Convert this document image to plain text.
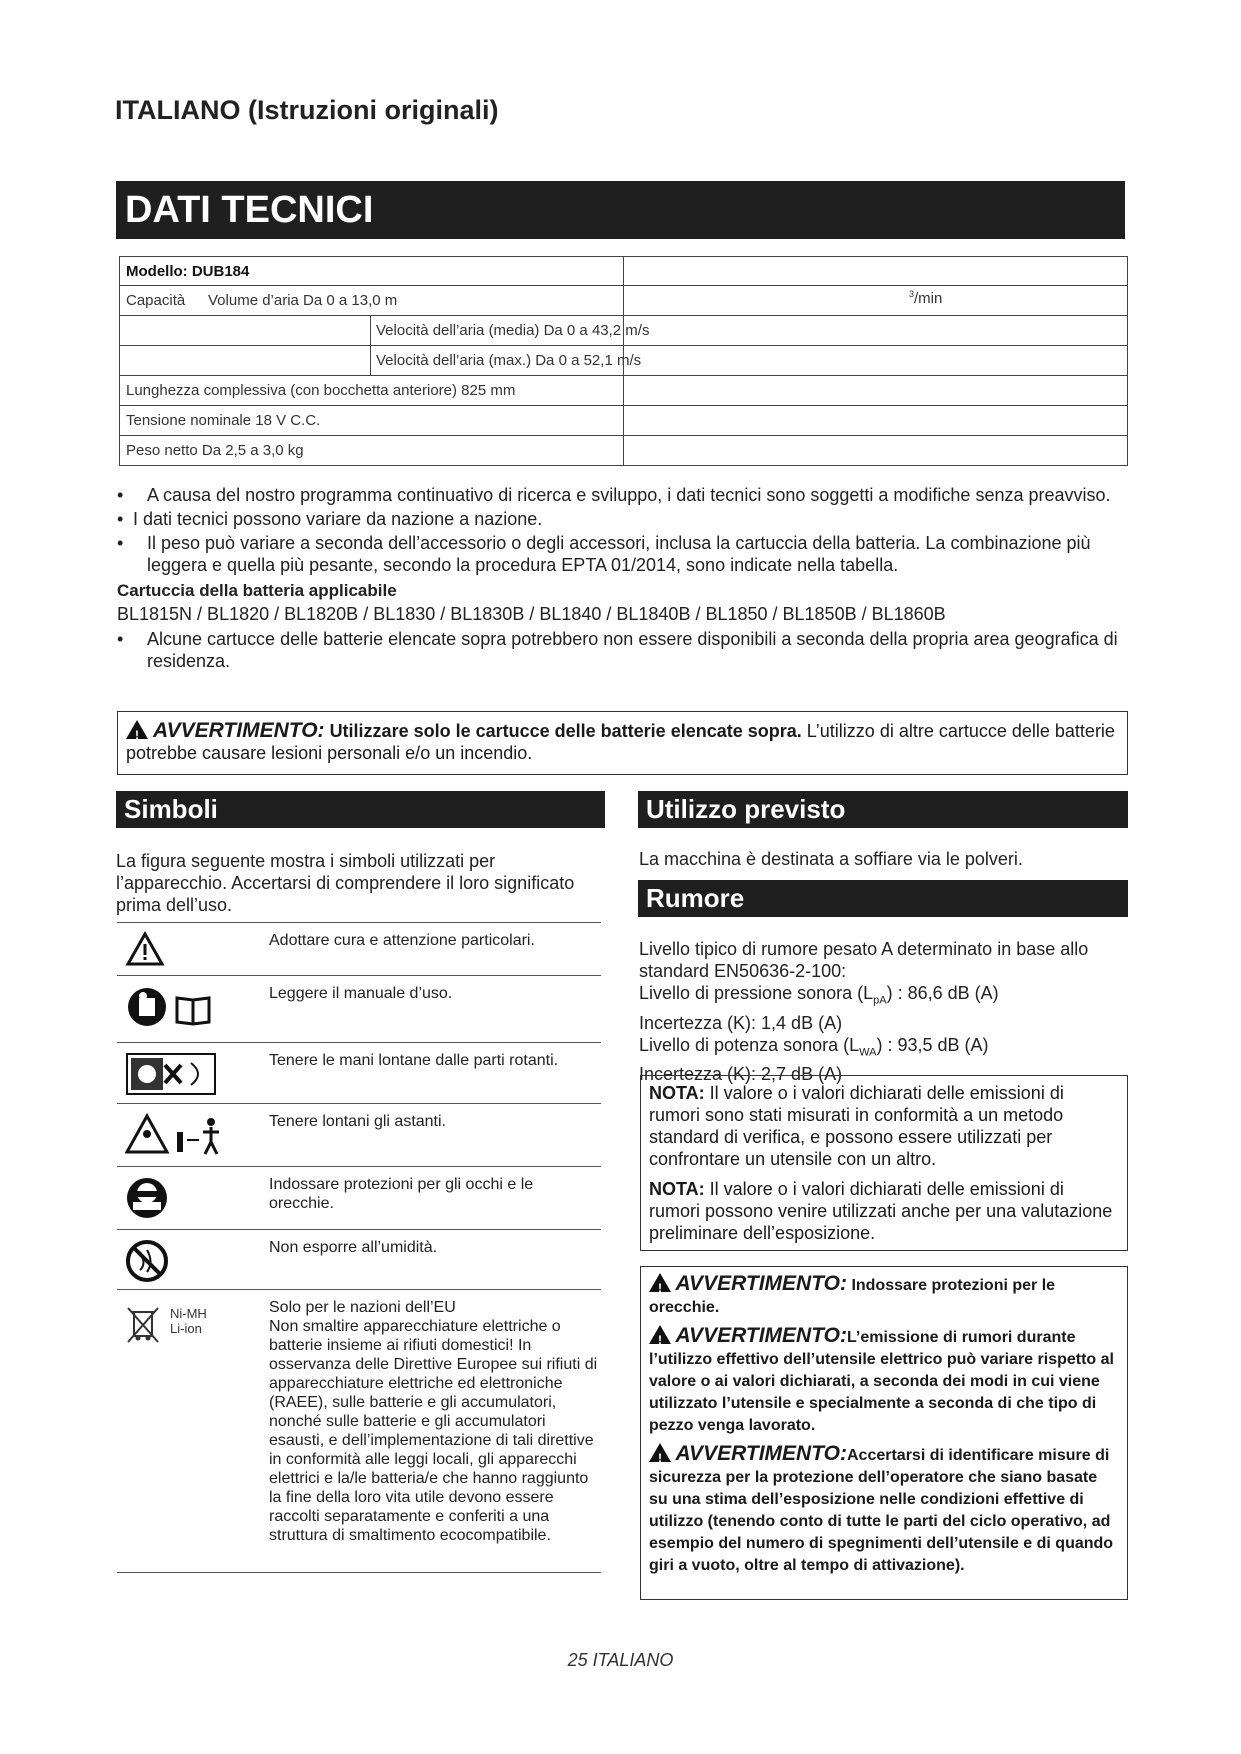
ITALIANO (Istruzioni originali)
DATI TECNICI
Modello: DUB184
Capacità Volume d’aria Da 0 a 13,0 m	$^3$/min
Velocità dell’aria (media) Da 0 a 43,2 m/s
Velocità dell’aria (max.) Da 0 a 52,1 m/s
Lunghezza complessiva (con bocchetta anteriore) 825 mm
Tensione nominale 18 V C.C.
Peso netto Da 2,5 a 3,0 kg
• A causa del nostro programma continuativo di ricerca e sviluppo, i dati tecnici sono soggetti a modifiche senza preavviso.
• I dati tecnici possono variare da nazione a nazione.
• Il peso può variare a seconda dell’accessorio o degli accessori, inclusa la cartuccia della batteria. La combinazione più leggera e quella più pesante, secondo la procedura EPTA 01/2014, sono indicate nella tabella.
Cartuccia della batteria applicabile
BL1815N / BL1820 / BL1820B / BL1830 / BL1830B / BL1840 / BL1840B / BL1850 / BL1850B / BL1860B
• Alcune cartucce delle batterie elencate sopra potrebbero non essere disponibili a seconda della propria area geografica di residenza.
! AVVERTIMENTO: Utilizzare solo le cartucce delle batterie elencate sopra. L’utilizzo di altre cartucce delle batterie potrebbe causare lesioni personali e/o un incendio.
Simboli
La figura seguente mostra i simboli utilizzati per l’apparecchio. Accertarsi di comprendere il loro significato prima dell’uso.
Adottare cura e attenzione particolari.
Leggere il manuale d’uso.
Tenere le mani lontane dalle parti rotanti.
Tenere lontani gli astanti.
Indossare protezioni per gli occhi e le orecchie.
Non esporre all’umidità.
Ni-MH
Li-ion
Solo per le nazioni dell’EU
Non smaltire apparecchiature elettriche o batterie insieme ai rifiuti domestici! In osservanza delle Direttive Europee sui rifiuti di apparecchiature elettriche ed elettroniche (RAEE), sulle batterie e gli accumulatori, nonché sulle batterie e gli accumulatori esausti, e dell’implementazione di tali direttive in conformità alle leggi locali, gli apparecchi elettrici e la/le batteria/e che hanno raggiunto la fine della loro vita utile devono essere raccolti separatamente e conferiti a una struttura di smaltimento ecocompatibile.
Utilizzo previsto
La macchina è destinata a soffiare via le polveri.
Rumore
Livello tipico di rumore pesato A determinato in base allo standard EN50636-2-100:
Livello di pressione sonora $(L_{pA})$ : 86,6 dB (A)
Incertezza (K): 1,4 dB (A)
Livello di potenza sonora $(L_{WA})$ : 93,5 dB (A)
Incertezza (K): 2,7 dB (A)
NOTA: Il valore o i valori dichiarati delle emissioni di rumori sono stati misurati in conformità a un metodo standard di verifica, e possono essere utilizzati per confrontare un utensile con un altro.
NOTA: Il valore o i valori dichiarati delle emissioni di rumori possono venire utilizzati anche per una valutazione preliminare dell’esposizione.
! AVVERTIMENTO: Indossare protezioni per le orecchie.
! AVVERTIMENTO:L’emissione di rumori durante l’utilizzo effettivo dell’utensile elettrico può variare rispetto al valore o ai valori dichiarati, a seconda dei modi in cui viene utilizzato l’utensile e specialmente a seconda di che tipo di pezzo venga lavorato.
! AVVERTIMENTO:Accertarsi di identificare misure di sicurezza per la protezione dell’operatore che siano basate su una stima dell’esposizione nelle condizioni effettive di utilizzo (tenendo conto di tutte le parti del ciclo operativo, ad esempio del numero di spegnimenti dell’utensile e di quando giri a vuoto, oltre al tempo di attivazione).
25 ITALIANO
